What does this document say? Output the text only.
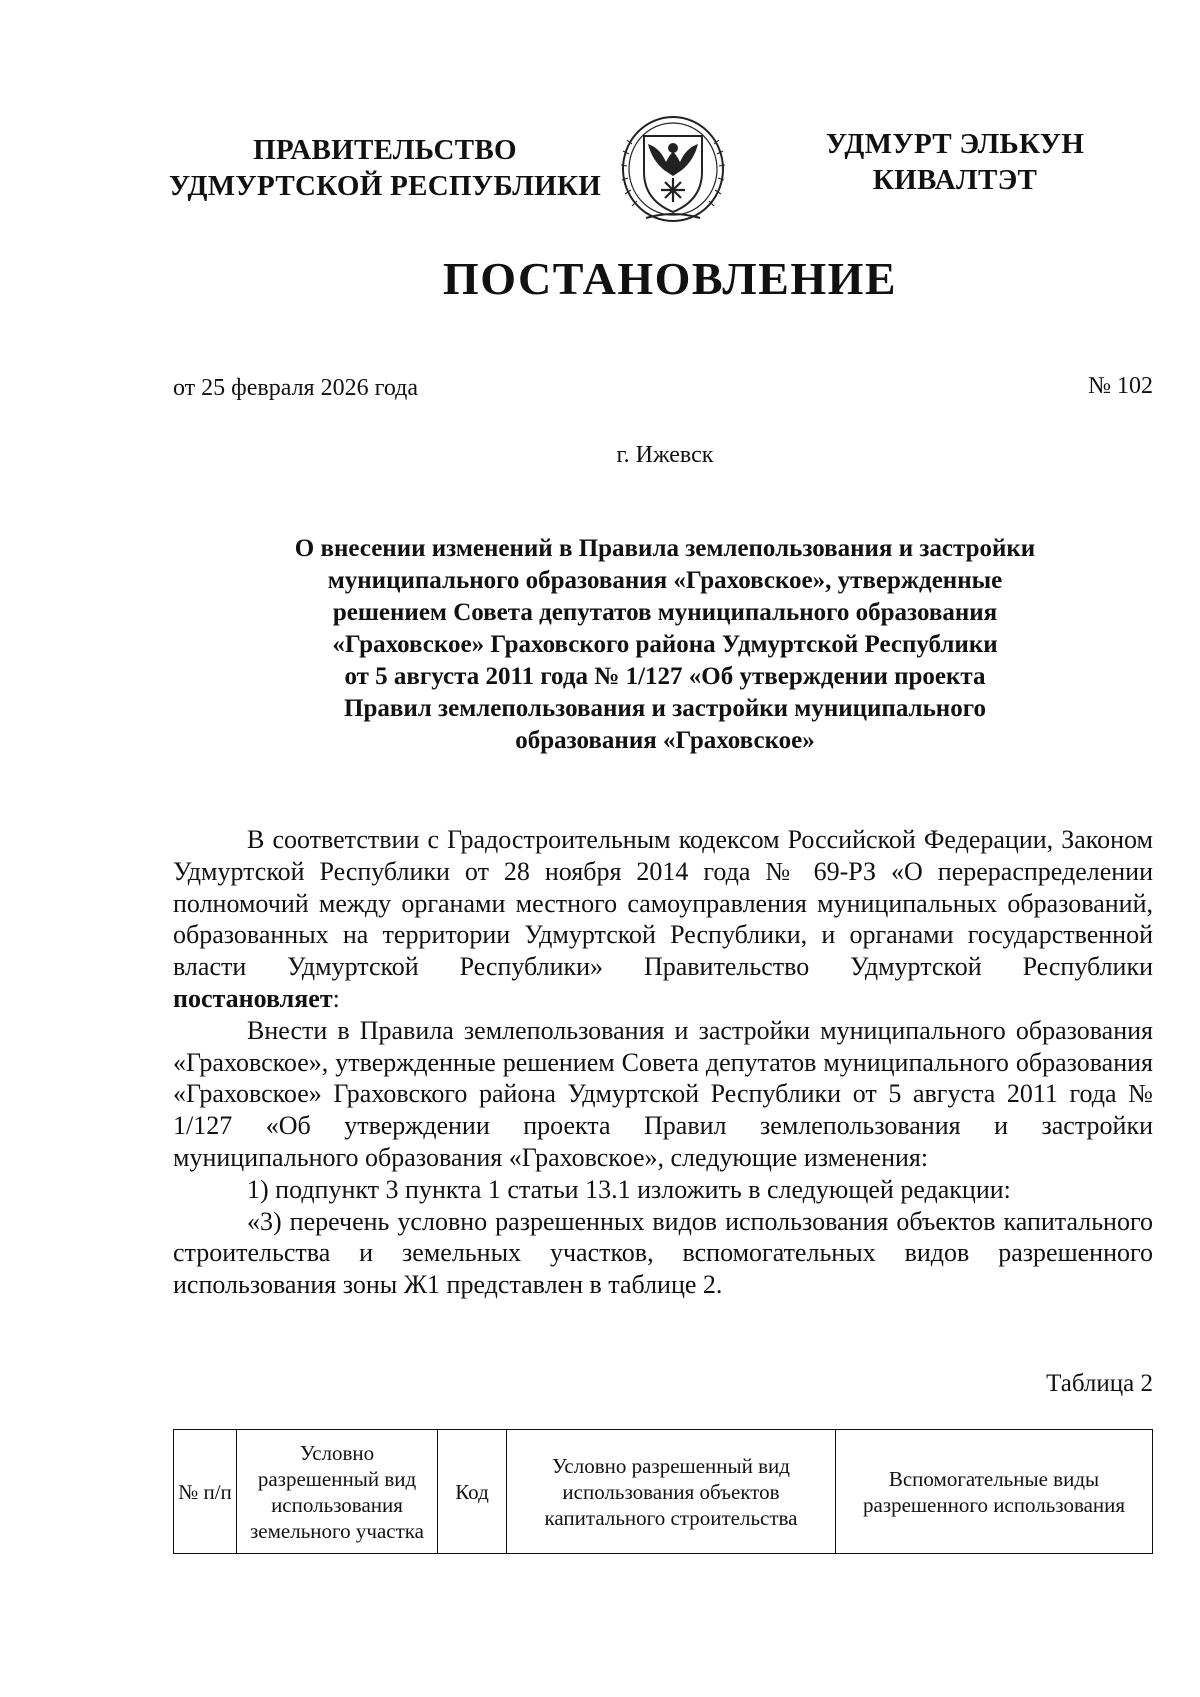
ПРАВИТЕЛЬСТВО
УДМУРТСКОЙ РЕСПУБЛИКИ
УДМУРТ ЭЛЬКУН
КИВАЛТЭТ
ПОСТАНОВЛЕНИЕ
от 25 февраля 2026 года	№ 102
г. Ижевск
О внесении изменений в Правила землепользования и застройки
муниципального образования «Граховское», утвержденные
решением Совета депутатов муниципального образования
«Граховское» Граховского района Удмуртской Республики
от 5 августа 2011 года № 1/127 «Об утверждении проекта
Правил землепользования и застройки муниципального
образования «Граховское»

В соответствии с Градостроительным кодексом Российской Федерации, Законом Удмуртской Республики от 28 ноября 2014 года № 69-РЗ «О перераспределении полномочий между органами местного самоуправления муниципальных образований, образованных на территории Удмуртской Республики, и органами государственной власти Удмуртской Республики» Правительство Удмуртской Республики постановляет:

Внести в Правила землепользования и застройки муниципального образования «Граховское», утвержденные решением Совета депутатов муниципального образования «Граховское» Граховского района Удмуртской Республики от 5 августа 2011 года № 1/127 «Об утверждении проекта Правил землепользования и застройки муниципального образования «Граховское», следующие изменения:

1) подпункт 3 пункта 1 статьи 13.1 изложить в следующей редакции:

«3) перечень условно разрешенных видов использования объектов капитального строительства и земельных участков, вспомогательных видов разрешенного использования зоны Ж1 представлен в таблице 2.

Таблица 2
№ п/п	Условно разрешенный вид использования земельного участка	Код	Условно разрешенный вид использования объектов капитального строительства	Вспомогательные виды разрешенного использования
